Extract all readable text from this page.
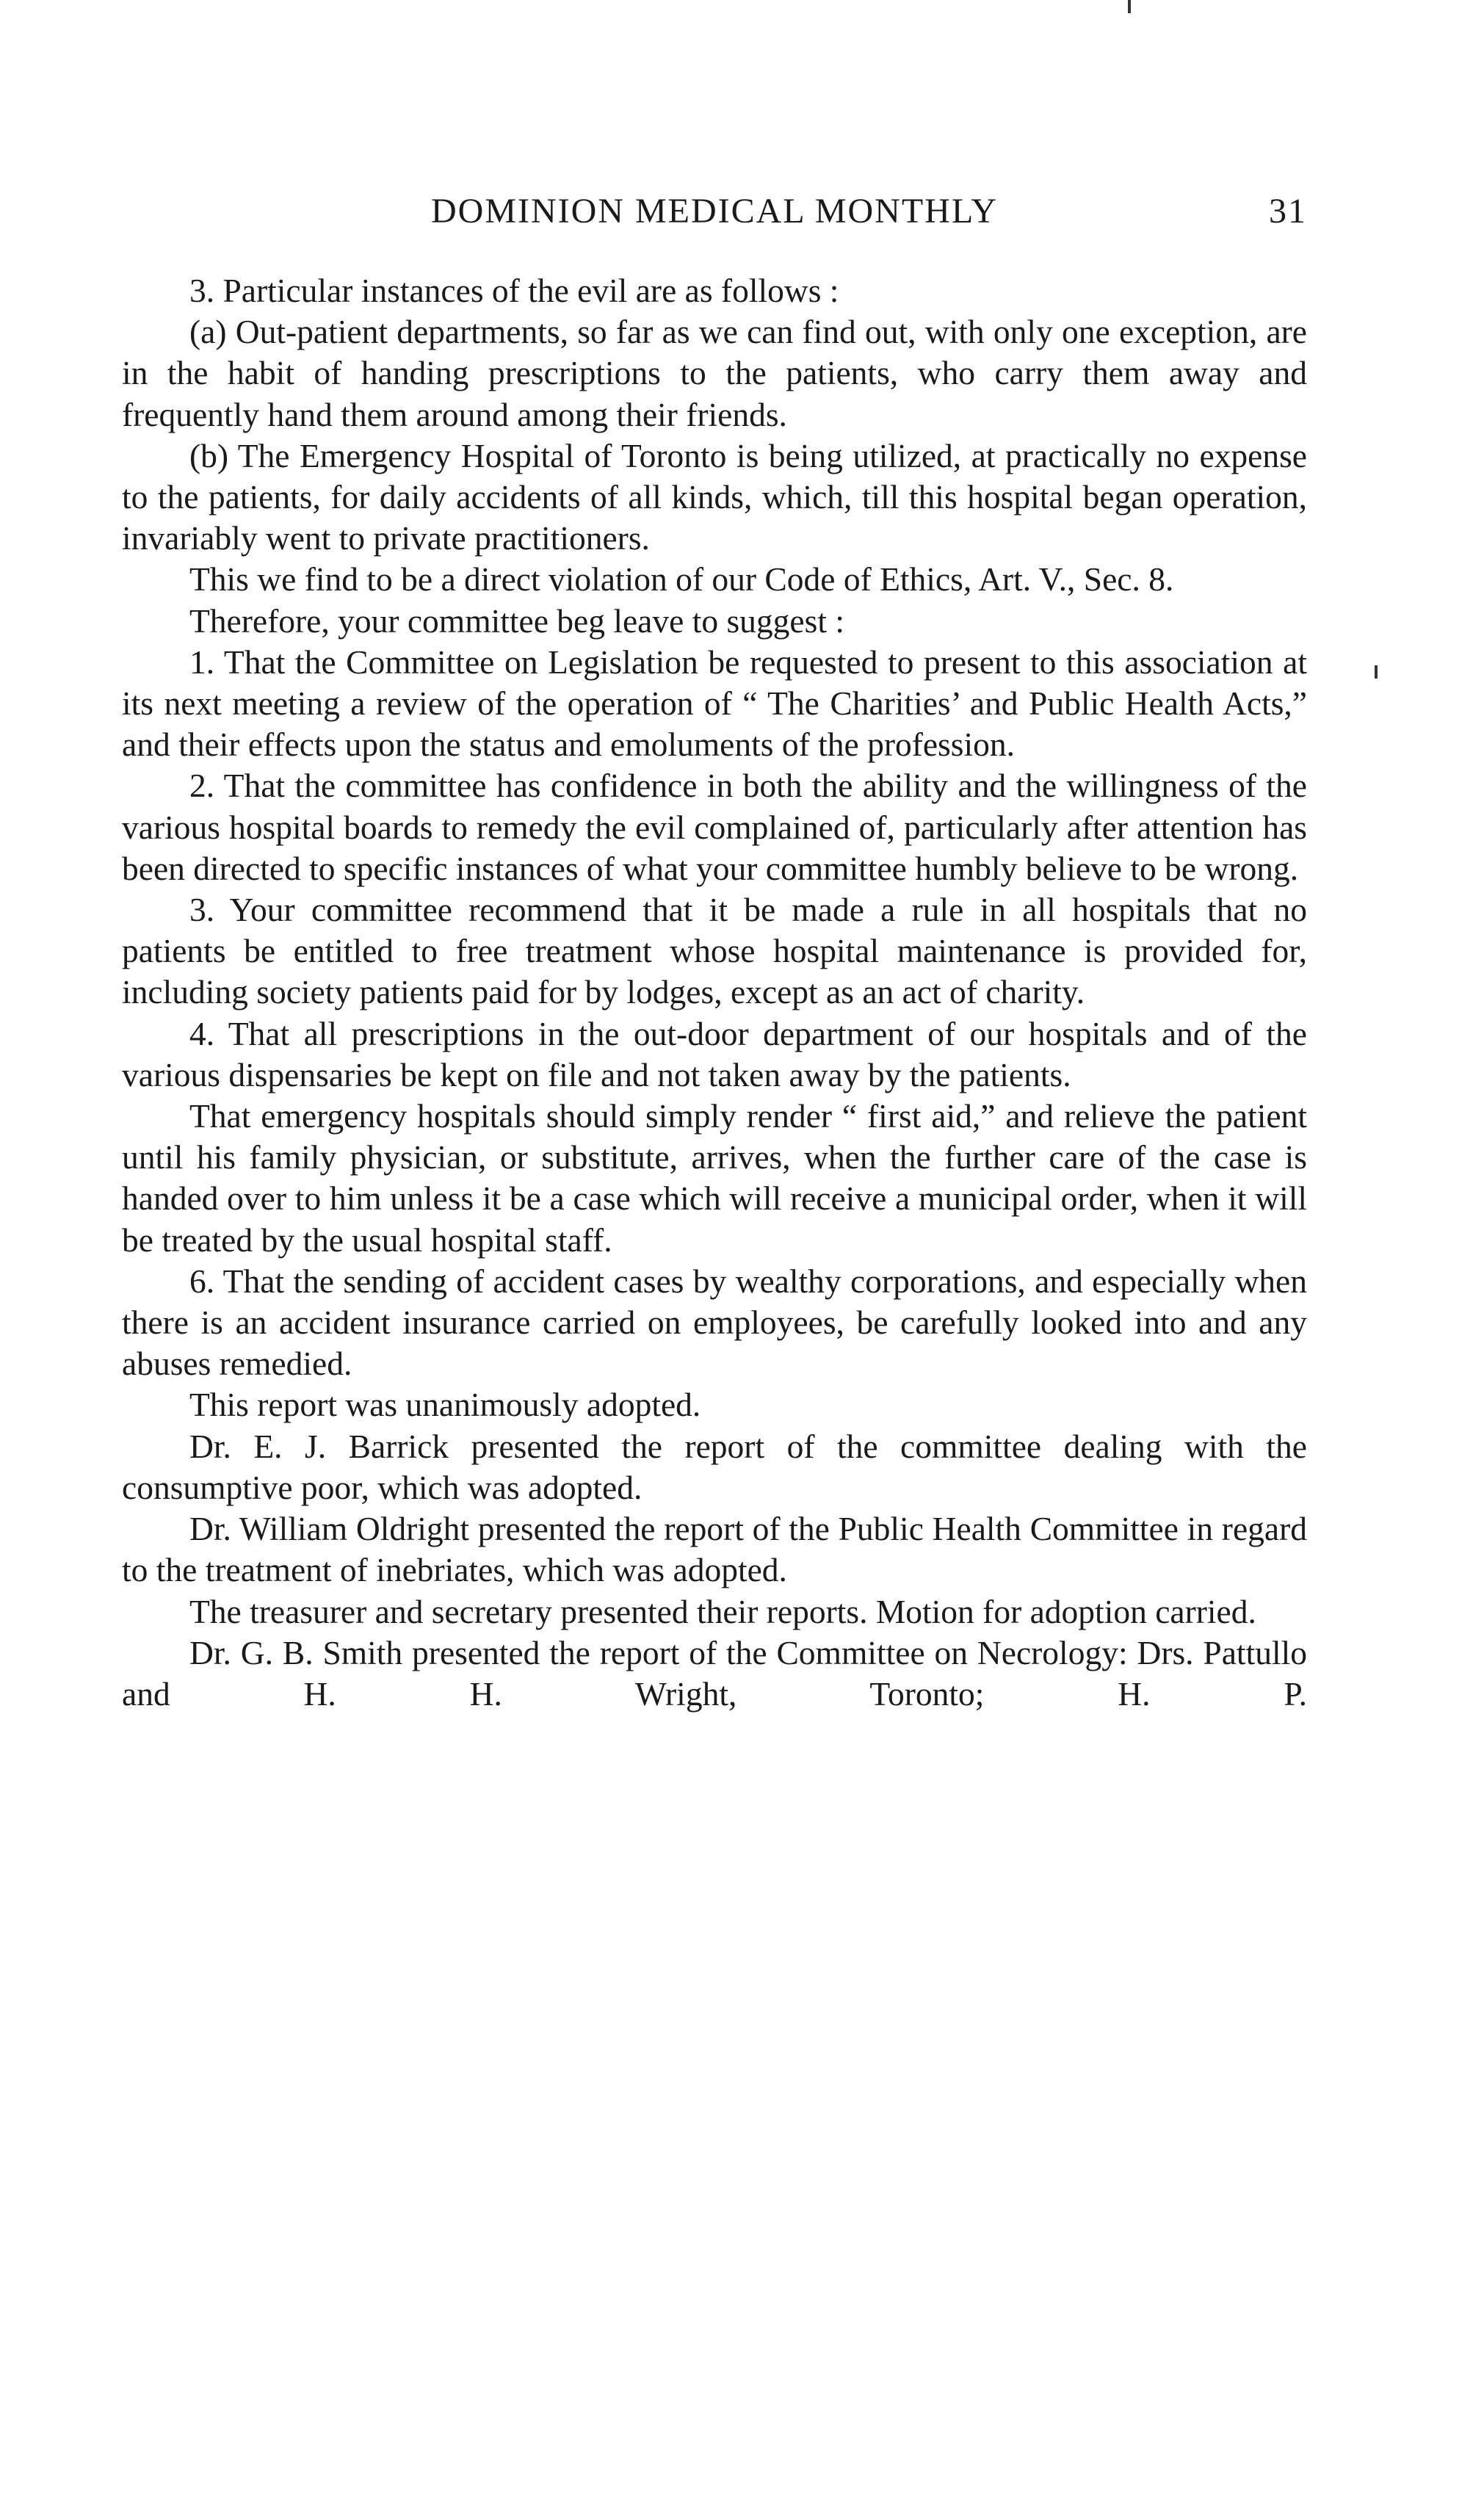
DOMINION MEDICAL MONTHLY	31

3. Particular instances of the evil are as follows :

(a) Out-patient departments, so far as we can find out, with only one exception, are in the habit of handing prescriptions to the patients, who carry them away and frequently hand them around among their friends.

(b) The Emergency Hospital of Toronto is being utilized, at practically no expense to the patients, for daily accidents of all kinds, which, till this hospital began operation, invariably went to private practitioners.

This we find to be a direct violation of our Code of Ethics, Art. V., Sec. 8.

Therefore, your committee beg leave to suggest :

1. That the Committee on Legislation be requested to present to this association at its next meeting a review of the operation of “ The Charities’ and Public Health Acts,” and their effects upon the status and emoluments of the profession.

2. That the committee has confidence in both the ability and the willingness of the various hospital boards to remedy the evil complained of, particularly after attention has been directed to specific instances of what your committee humbly believe to be wrong.

3. Your committee recommend that it be made a rule in all hospitals that no patients be entitled to free treatment whose hospital maintenance is provided for, including society patients paid for by lodges, except as an act of charity.

4. That all prescriptions in the out-door department of our hospitals and of the various dispensaries be kept on file and not taken away by the patients.

That emergency hospitals should simply render “ first aid,” and relieve the patient until his family physician, or substitute, arrives, when the further care of the case is handed over to him unless it be a case which will receive a municipal order, when it will be treated by the usual hospital staff.

6. That the sending of accident cases by wealthy corporations, and especially when there is an accident insurance carried on employees, be carefully looked into and any abuses remedied.

This report was unanimously adopted.

Dr. E. J. Barrick presented the report of the committee dealing with the consumptive poor, which was adopted.

Dr. William Oldright presented the report of the Public Health Committee in regard to the treatment of inebriates, which was adopted.

The treasurer and secretary presented their reports. Motion for adoption carried.

Dr. G. B. Smith presented the report of the Committee on Necrology: Drs. Pattullo and H. H. Wright, Toronto; H. P.
